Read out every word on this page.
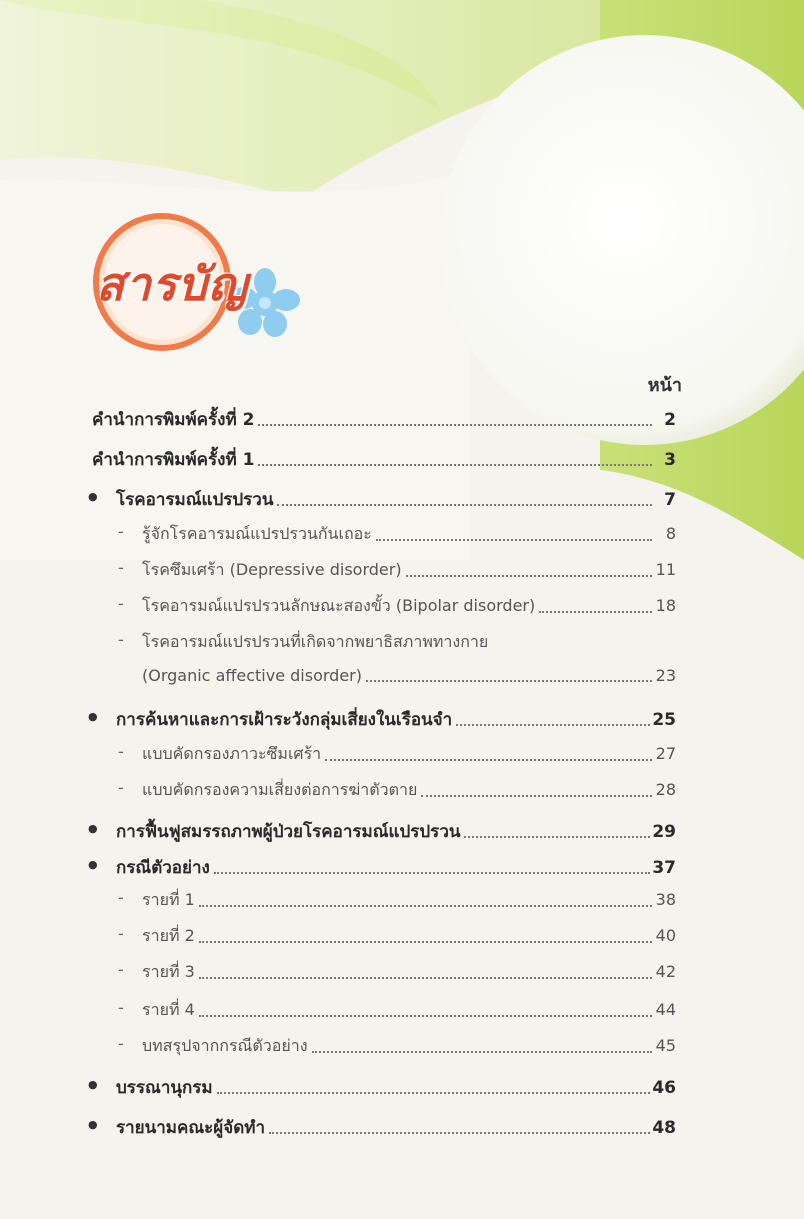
สารบัญ
หน้า
คำนำการพิมพ์ครั้งที่ 2	2
คำนำการพิมพ์ครั้งที่ 1	3
● โรคอารมณ์แปรปรวน	7
- รู้จักโรคอารมณ์แปรปรวนกันเถอะ	8
- โรคซึมเศร้า (Depressive disorder)	11
- โรคอารมณ์แปรปรวนลักษณะสองขั้ว (Bipolar disorder)	18
- โรคอารมณ์แปรปรวนที่เกิดจากพยาธิสภาพทางกาย
(Organic affective disorder)	23
● การค้นหาและการเฝ้าระวังกลุ่มเสี่ยงในเรือนจำ	25
- แบบคัดกรองภาวะซึมเศร้า	27
- แบบคัดกรองความเสี่ยงต่อการฆ่าตัวตาย	28
● การฟื้นฟูสมรรถภาพผู้ป่วยโรคอารมณ์แปรปรวน	29
● กรณีตัวอย่าง	37
- รายที่ 1	38
- รายที่ 2	40
- รายที่ 3	42
- รายที่ 4	44
- บทสรุปจากกรณีตัวอย่าง	45
● บรรณานุกรม	46
● รายนามคณะผู้จัดทำ	48
